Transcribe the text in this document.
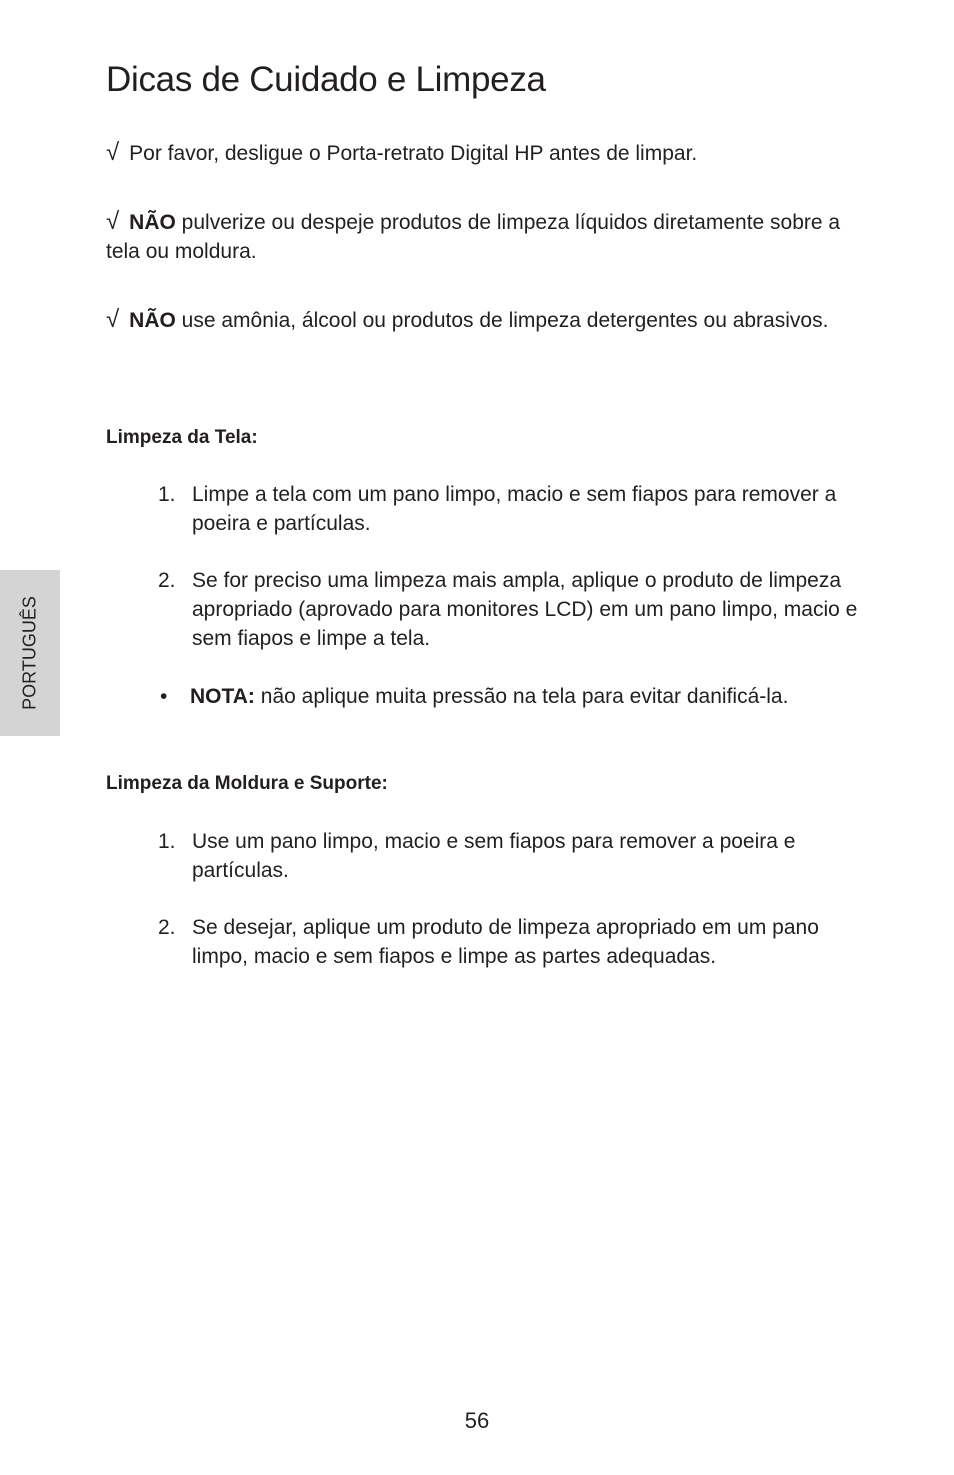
Dicas de Cuidado e Limpeza

√ Por favor, desligue o Porta-retrato Digital HP antes de limpar.

√ NÃO pulverize ou despeje produtos de limpeza líquidos diretamente sobre a tela ou moldura.

√ NÃO use amônia, álcool ou produtos de limpeza detergentes ou abrasivos.

Limpeza da Tela:
1. Limpe a tela com um pano limpo, macio e sem fiapos para remover a poeira e partículas.
2. Se for preciso uma limpeza mais ampla, aplique o produto de limpeza apropriado (aprovado para monitores LCD) em um pano limpo, macio e sem fiapos e limpe a tela.
• NOTA: não aplique muita pressão na tela para evitar danificá-la.
Limpeza da Moldura e Suporte:
1. Use um pano limpo, macio e sem fiapos para remover a poeira e partículas.
2. Se desejar, aplique um produto de limpeza apropriado em um pano limpo, macio e sem fiapos e limpe as partes adequadas.
PORTUGUÊS
56
